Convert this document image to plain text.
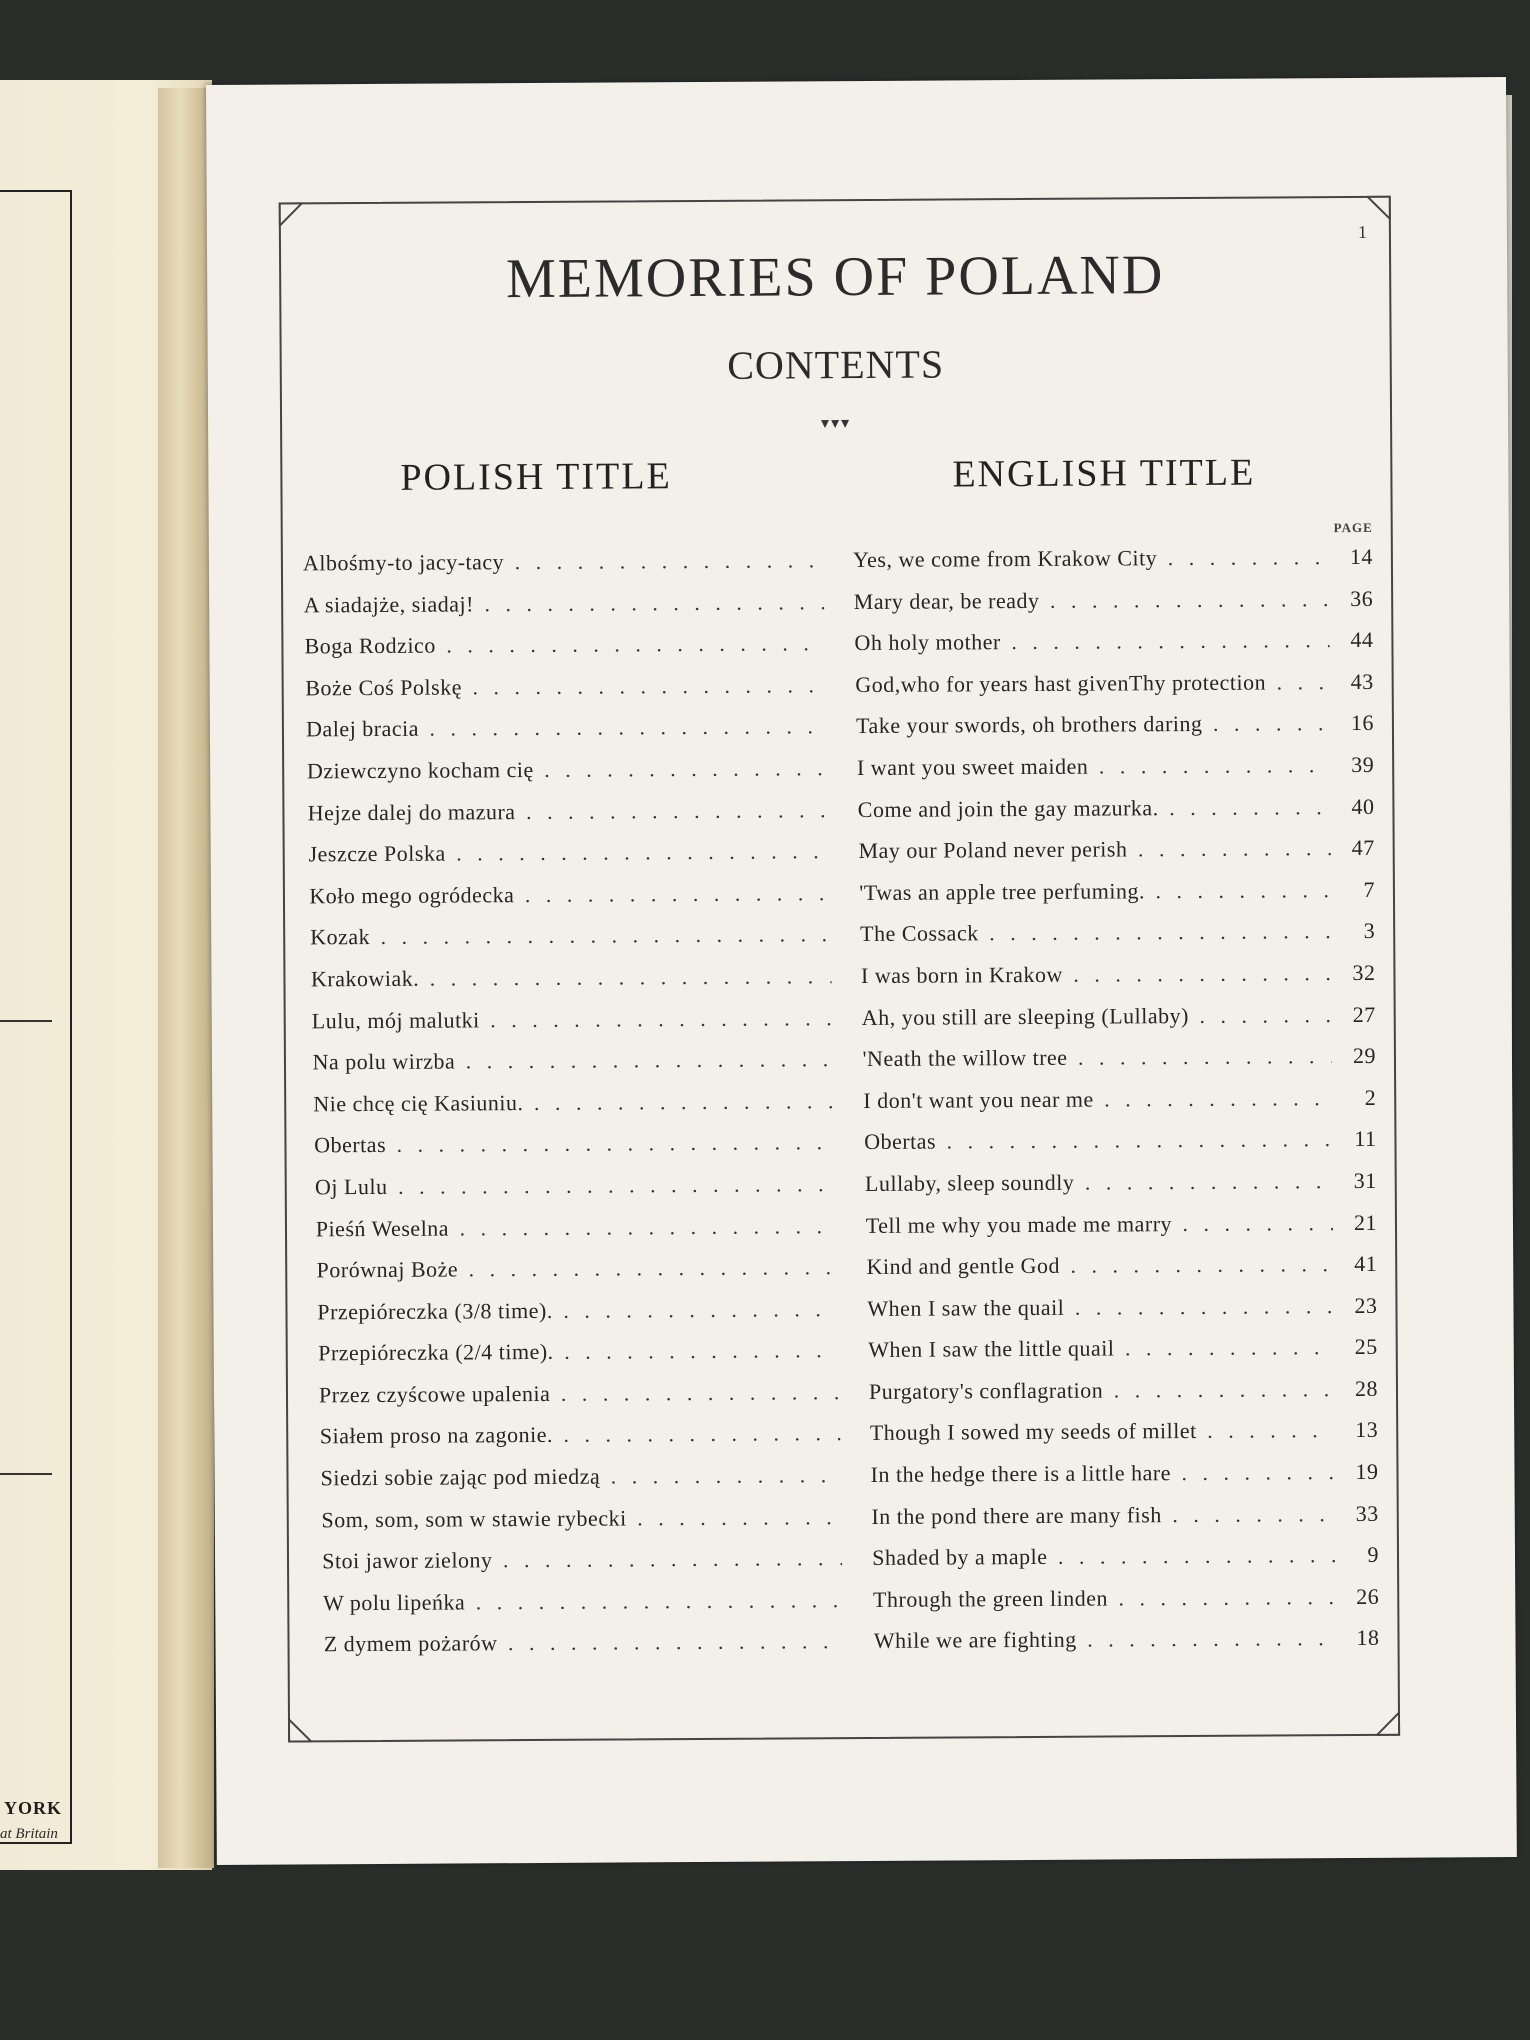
YORK
at Britain
1
MEMORIES OF POLAND
CONTENTS
▾▾▾
POLISH TITLE	ENGLISH TITLE
PAGE
Albośmy-to jacy-tacy . . .	Yes, we come from Krakow City . . .	14
A siadajże, siadaj! . . .	Mary dear, be ready . . .	36
Boga Rodzico . . .	Oh holy mother . . .	44
Boże Coś Polskę . . .	God,who for years hast givenThy protection . . .	43
Dalej bracia . . .	Take your swords, oh brothers daring . . .	16
Dziewczyno kocham cię . . .	I want you sweet maiden . . .	39
Hejze dalej do mazura . . .	Come and join the gay mazurka. . . .	40
Jeszcze Polska . . .	May our Poland never perish . . .	47
Koło mego ogródecka . . .	'Twas an apple tree perfuming. . . .	7
Kozak . . .	The Cossack . . .	3
Krakowiak. . . .	I was born in Krakow . . .	32
Lulu, mój malutki . . .	Ah, you still are sleeping (Lullaby) . . .	27
Na polu wirzba . . .	'Neath the willow tree . . .	29
Nie chcę cię Kasiuniu. . . .	I don't want you near me . . .	2
Obertas . . .	Obertas . . .	11
Oj Lulu . . .	Lullaby, sleep soundly . . .	31
Pieśń Weselna . . .	Tell me why you made me marry . . .	21
Porównaj Boże . . .	Kind and gentle God . . .	41
Przepióreczka (3/8 time). . . .	When I saw the quail . . .	23
Przepióreczka (2/4 time). . . .	When I saw the little quail . . .	25
Przez czyścowe upalenia . . .	Purgatory's conflagration . . .	28
Siałem proso na zagonie. . . .	Though I sowed my seeds of millet . . .	13
Siedzi sobie zając pod miedzą . . .	In the hedge there is a little hare . . .	19
Som, som, som w stawie rybecki . . .	In the pond there are many fish . . .	33
Stoi jawor zielony . . .	Shaded by a maple . . .	9
W polu lipeńka . . .	Through the green linden . . .	26
Z dymem pożarów . . .	While we are fighting . . .	18
